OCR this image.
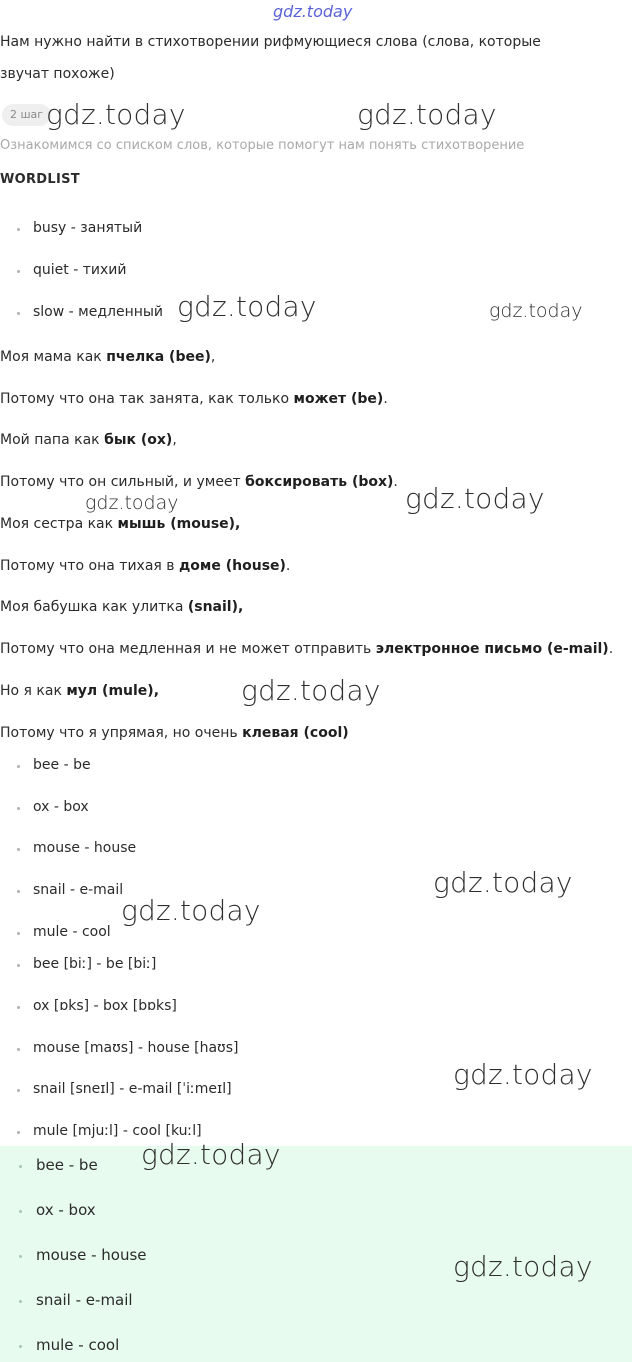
gdz.today
Нам нужно найти в стихотворении рифмующиеся слова (слова, которые
звучат похоже)
2 шаг
Ознакомимся со списком слов, которые помогут нам понять стихотворение
WORDLIST
busy - занятый
quiet - тихий
slow - медленный
Моя мама как пчелка (bee),
Потому что она так занята, как только может (be).
Мой папа как бык (ox),
Потому что он сильный, и умеет боксировать (box).
Моя сестра как мышь (mouse),
Потому что она тихая в доме (house).
Моя бабушка как улитка (snail),
Потому что она медленная и не может отправить электронное письмо (e-mail).
Но я как мул (mule),
Потому что я упрямая, но очень клевая (cool)
bee - be
ox - box
mouse - house
snail - e-mail
mule - cool
bee [biː] - be [biː]
ox [ɒks] - box [bɒks]
mouse [maʊs] - house [haʊs]
snail [sneɪl] - e-mail [ˈiːmeɪl]
mule [mjuːl] - cool [kuːl]
bee - be
ox - box
mouse - house
snail - e-mail
mule - cool
gdz.today	gdz.today
gdz.today	gdz.today
gdz.today	gdz.today
gdz.today
gdz.today
gdz.today
gdz.today
gdz.today
gdz.today
